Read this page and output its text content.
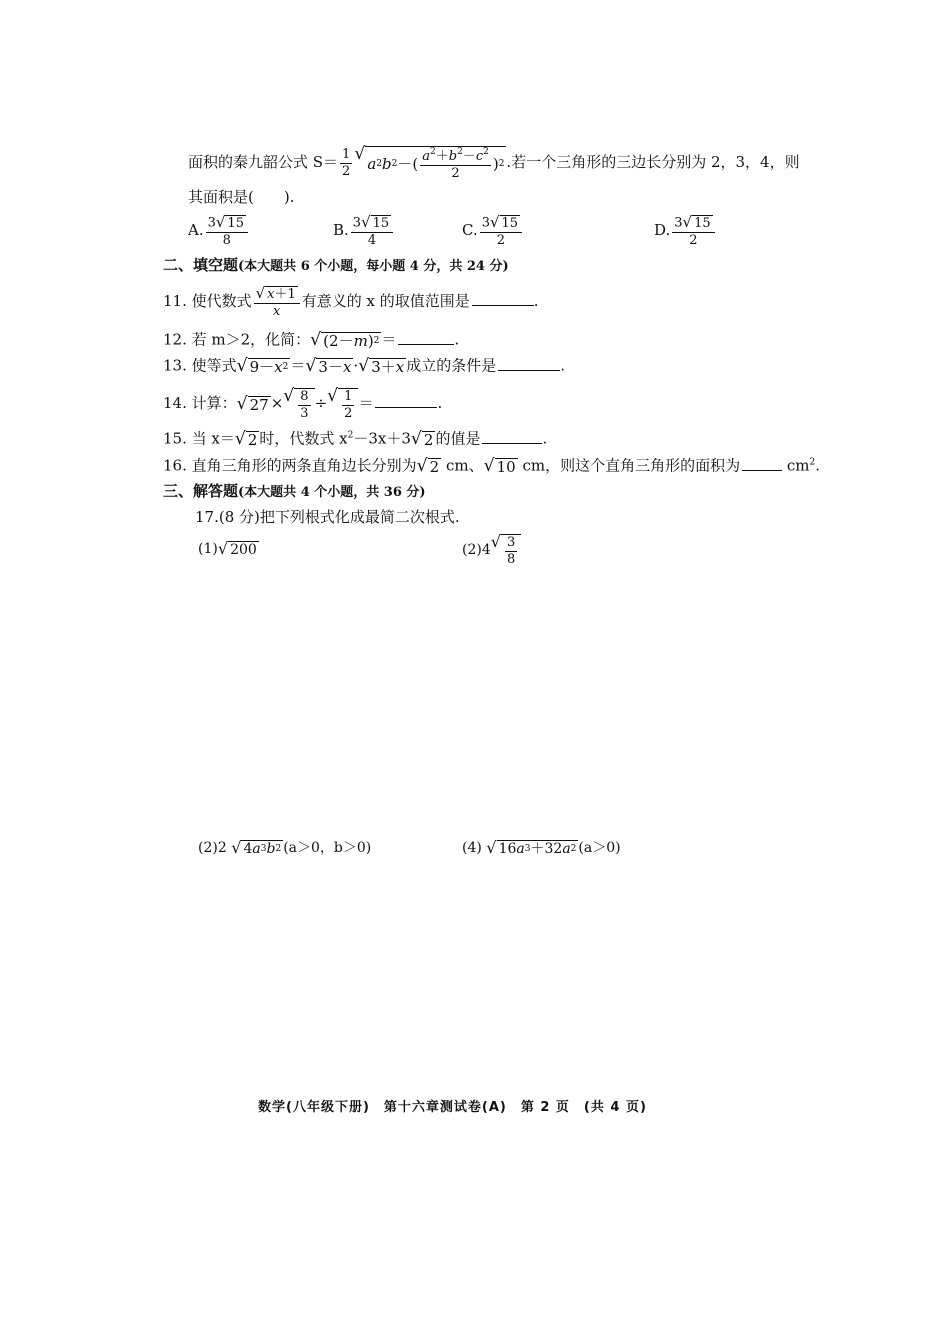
面积的秦九韶公式 $S= \frac{1}{2}$ √ a 2 b 2 －( $\frac{a^2+b^2-c^2}{2}$ ) 2 .若一个三角形的三边长分别为 2，3，4，则
其面积是(　　).
A. $\frac{3 √ 15}{8}$	B. $\frac{3 √ 15}{4}$	C. $\frac{3 √ 15}{2}$	D. $\frac{3 √ 15}{2}$
二、填空题(本大题共 6 个小题，每小题 4 分，共 24 分)
11. 使代数式 $\frac{√ x +1}{x}$ 有意义的 x 的取值范围是	.
12. 若 m＞2，化简： √ (2－ m ) 2 ＝	.
13. 使等式 √ 9－ x 2 ＝ √ 3－ x · √ 3＋ x 成立的条件是	.
14. 计算： √ 27 × √ $\frac{8}{3}$ ÷ √ $\frac{1}{2}$ ＝	.
15. 当 x＝ √ 2 时，代数式 $x^2-3x+3$ √ 2 的值是	.
16. 直角三角形的两条直角边长分别为 √ 2 cm、 √ 10 cm，则这个直角三角形的面积为	$cm^2$.
三、解答题(本大题共 4 个小题，共 36 分)
17.(8 分)把下列根式化成最简二次根式.
(1) √ 200	(2)4 √ $\frac{3}{8}$
(2)2 √ 4 a 3 b 2 (a＞0，b＞0)	(4) √ 16 a 3 ＋32 a 2 (a＞0)
数学(八年级下册)　第十六章测试卷(A)　第 2 页　(共 4 页)
